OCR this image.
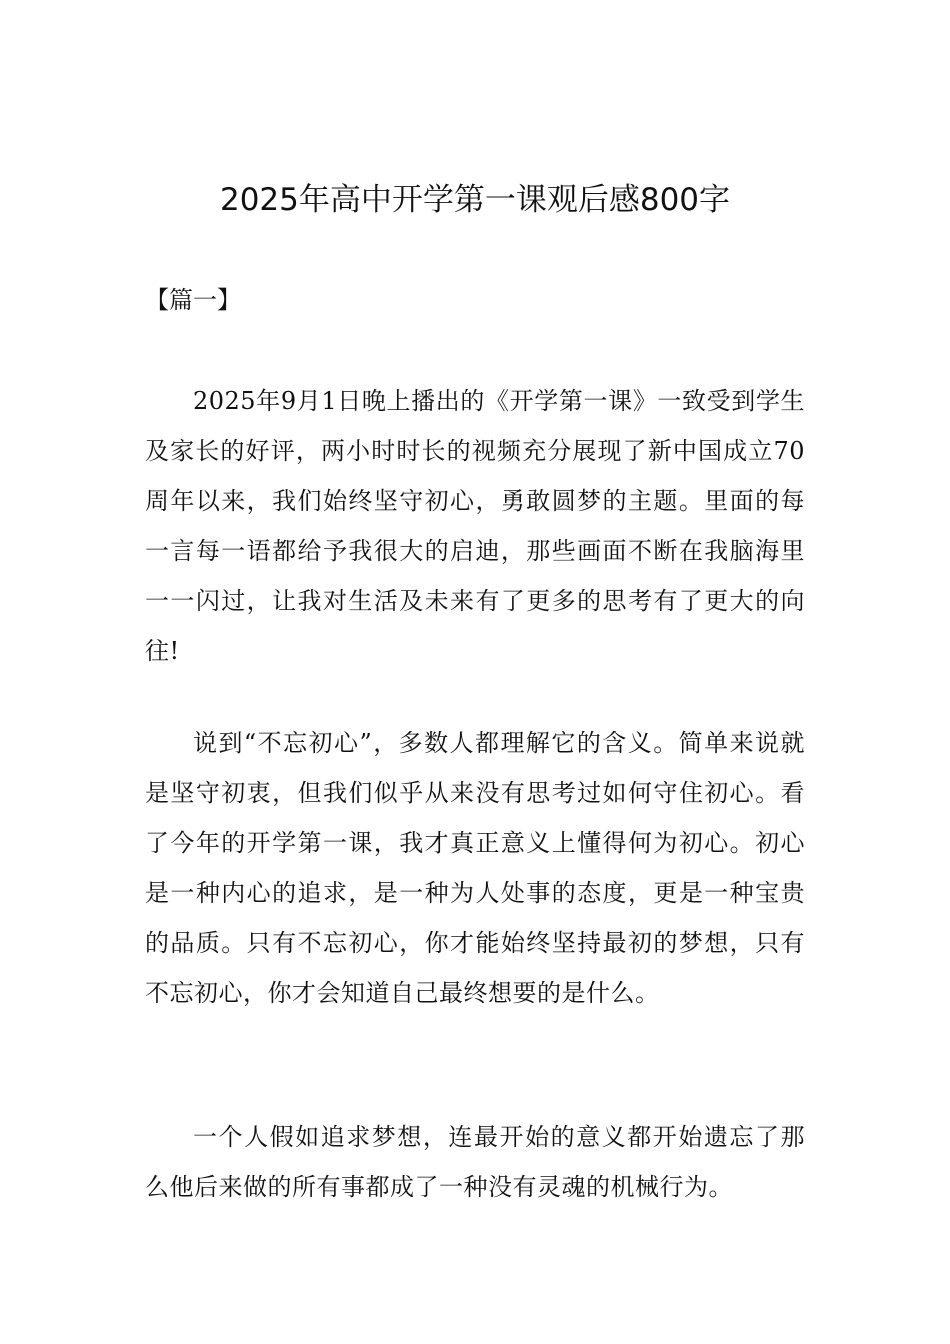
2025年高中开学第一课观后感800字
【篇一】

2025年9月1日晚上播出的《开学第一课》一致受到学生及家长的好评，两小时时长的视频充分展现了新中国成立70周年以来，我们始终坚守初心，勇敢圆梦的主题。里面的每一言每一语都给予我很大的启迪，那些画面不断在我脑海里一一闪过，让我对生活及未来有了更多的思考有了更大的向往!

说到“不忘初心”，多数人都理解它的含义。简单来说就是坚守初衷，但我们似乎从来没有思考过如何守住初心。看了今年的开学第一课，我才真正意义上懂得何为初心。初心是一种内心的追求，是一种为人处事的态度，更是一种宝贵的品质。只有不忘初心，你才能始终坚持最初的梦想，只有不忘初心，你才会知道自己最终想要的是什么。

一个人假如追求梦想，连最开始的意义都开始遗忘了那么他后来做的所有事都成了一种没有灵魂的机械行为。
